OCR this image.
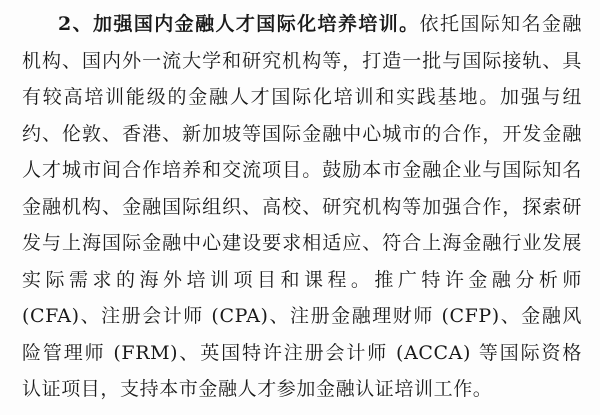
2、加强国内金融人才国际化培养培训。依托国际知名金融
机构、国内外一流大学和研究机构等，打造一批与国际接轨、具
有较高培训能级的金融人才国际化培训和实践基地。加强与纽
约、伦敦、香港、新加坡等国际金融中心城市的合作，开发金融
人才城市间合作培养和交流项目。鼓励本市金融企业与国际知名
金融机构、金融国际组织、高校、研究机构等加强合作，探索研
发与上海国际金融中心建设要求相适应、符合上海金融行业发展
实际需求的海外培训项目和课程。推广特许金融分析师
(CFA)、注册会计师 (CPA)、注册金融理财师 (CFP)、金融风
险管理师 (FRM)、英国特许注册会计师 (ACCA) 等国际资格
认证项目，支持本市金融人才参加金融认证培训工作。
